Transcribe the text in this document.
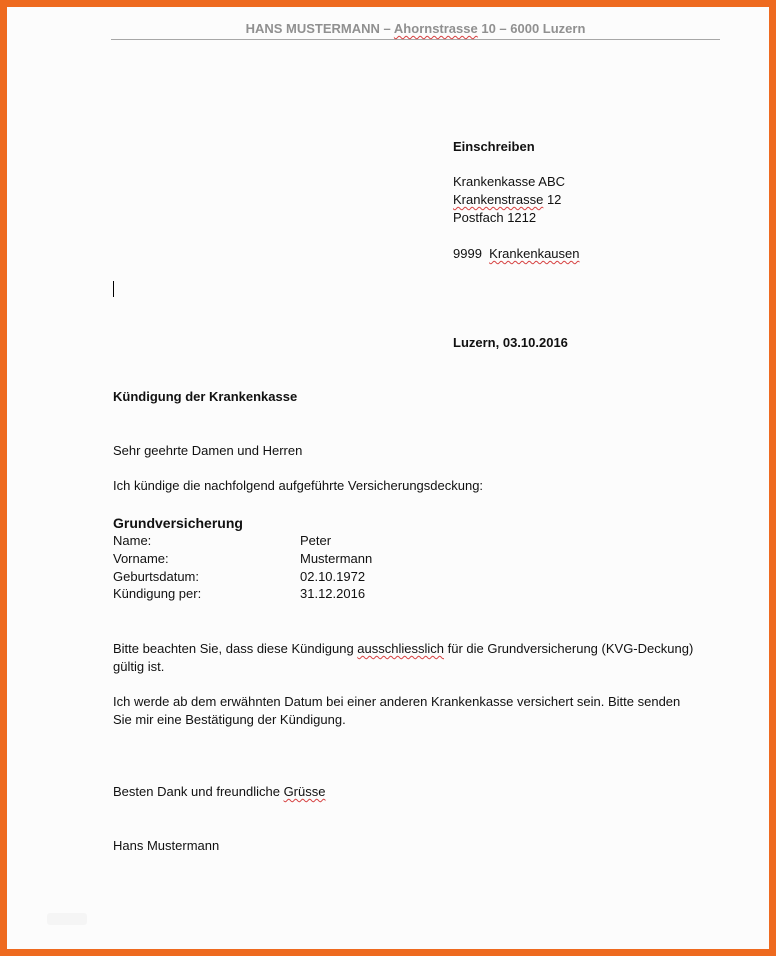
HANS MUSTERMANN – Ahornstrasse 10 – 6000 Luzern
Einschreiben
Krankenkasse ABC
Krankenstrasse 12
Postfach 1212
9999 Krankenkausen
Luzern, 03.10.2016
Kündigung der Krankenkasse
Sehr geehrte Damen und Herren
Ich kündige die nachfolgend aufgeführte Versicherungsdeckung:
Grundversicherung
Name:	Peter
Vorname:	Mustermann
Geburtsdatum:	02.10.1972
Kündigung per:	31.12.2016
Bitte beachten Sie, dass diese Kündigung ausschliesslich für die Grundversicherung (KVG-Deckung)
gültig ist.
Ich werde ab dem erwähnten Datum bei einer anderen Krankenkasse versichert sein. Bitte senden
Sie mir eine Bestätigung der Kündigung.
Besten Dank und freundliche Grüsse
Hans Mustermann
